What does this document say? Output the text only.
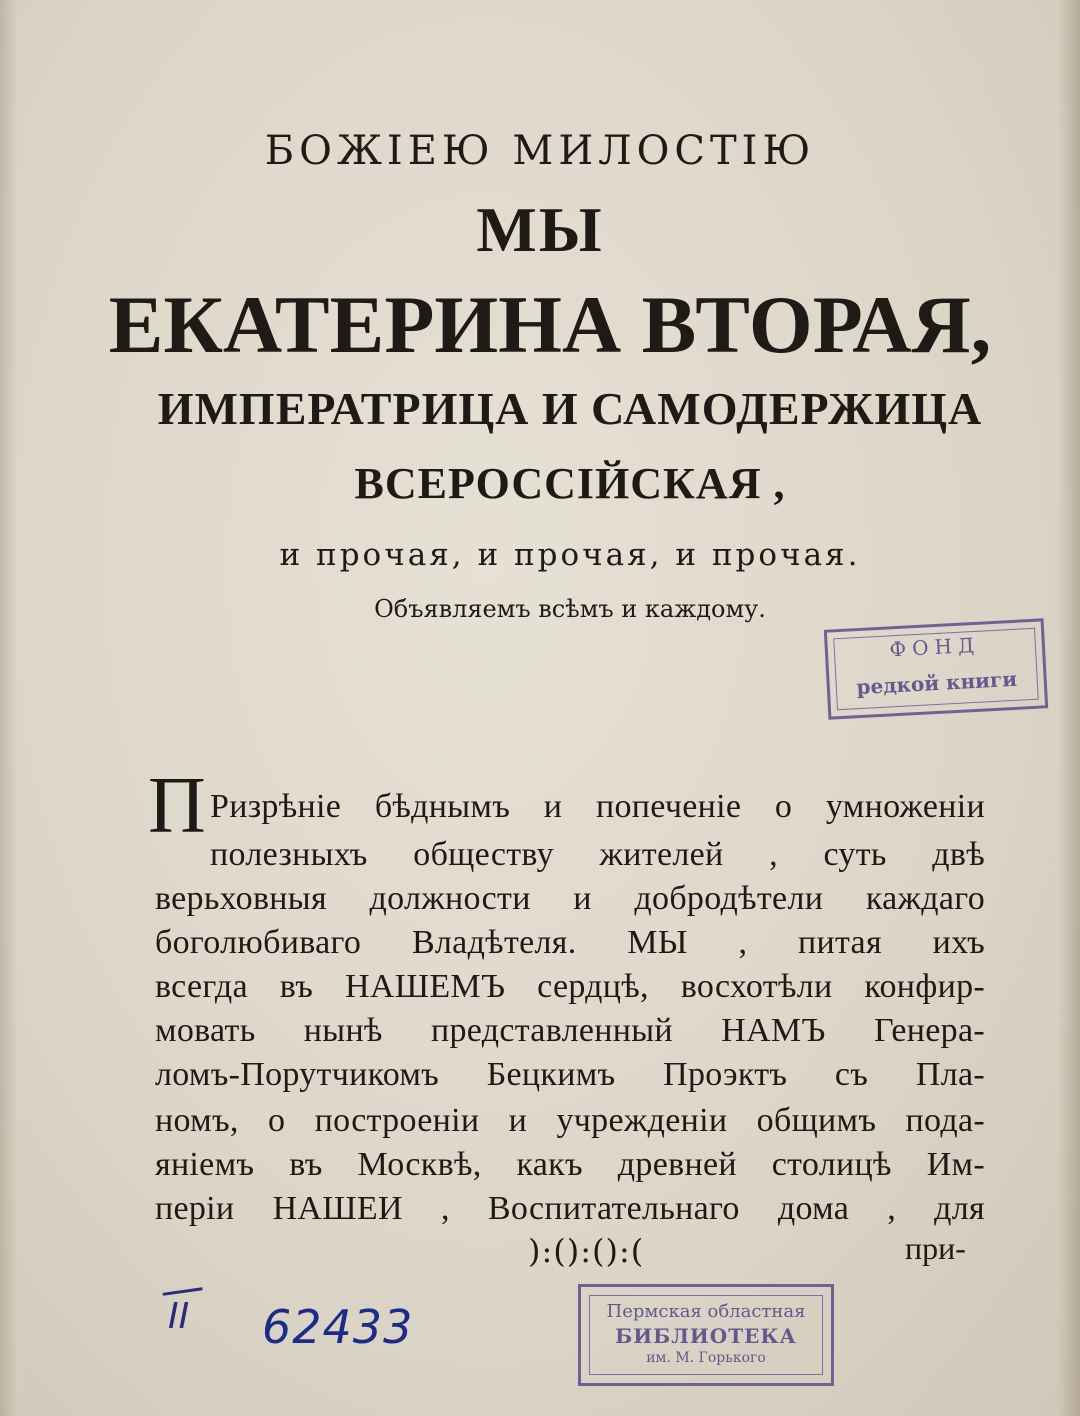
БОЖІЕЮ МИЛОСТІЮ
МЫ
ЕКАТЕРИНА ВТОРАЯ,
ИМПЕРАТРИЦА И САМОДЕРЖИЦА
ВСЕРОССІЙСКАЯ ,
и прочая, и прочая, и прочая.
Объявляемъ всѣмъ и каждому.
ФОНД
редкой книги
П Ризрѣніе бѣднымъ и попеченіе о умноженіи
полезныхъ обществу жителей , суть двѣ
верьховныя должности и добродѣтели каждаго
боголюбиваго Владѣтеля. МЫ , питая ихъ
всегда въ НАШЕМЪ сердцѣ, восхотѣли конфир-
мовать нынѣ представленный НАМЪ Генера-
ломъ-Порутчикомъ Бецкимъ Проэктъ съ Пла-
номъ, о построеніи и учрежденіи общимъ пода-
яніемъ въ Москвѣ, какъ древней столицѣ Им-
періи НАШЕИ , Воспитательнаго дома , для
):():():(	при-
II 62433	Пермская областная
БИБЛИОТЕКА
им. М. Горького
